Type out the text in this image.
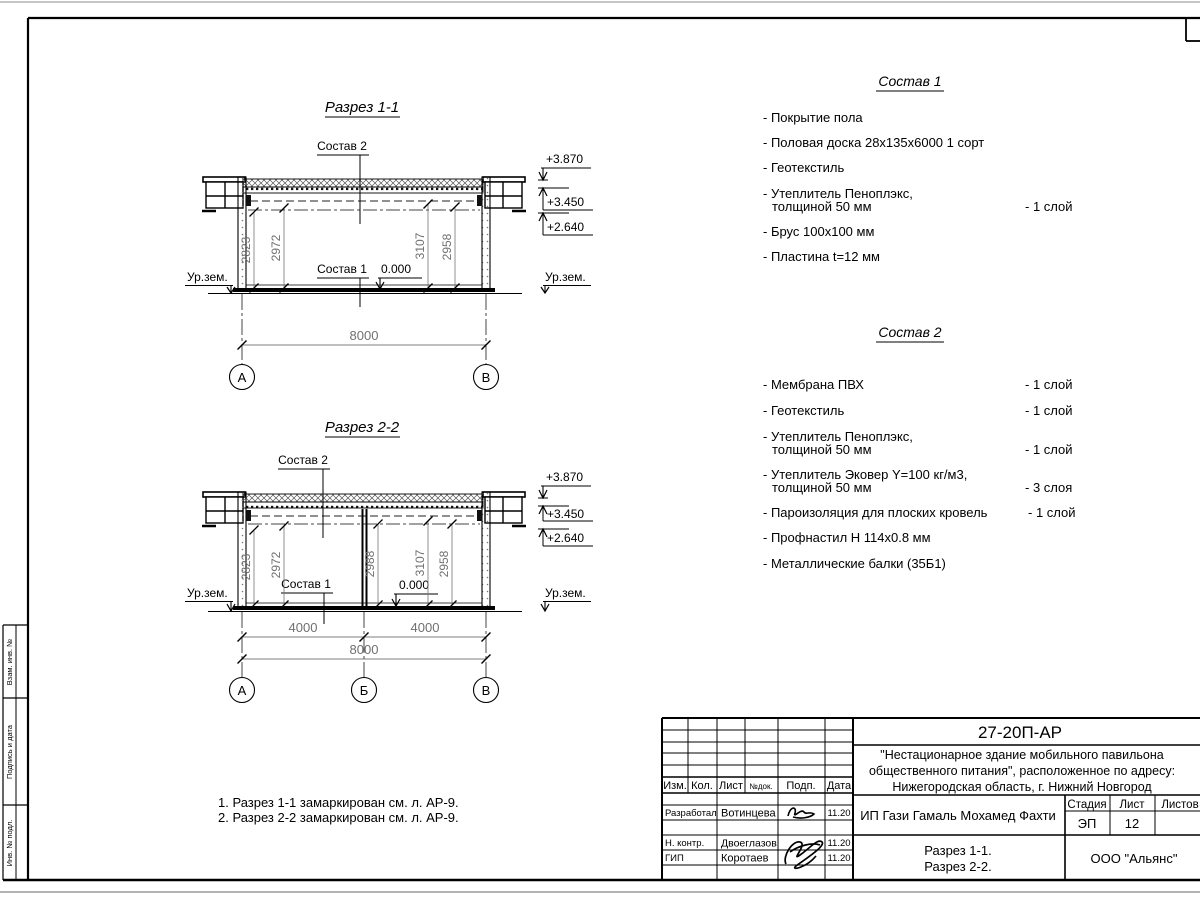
Взам. инв. №
Подпись и дата
Инв. № подл.
Разрез 1-1
Ур.зем.	Ур.зем.
Состав 2
Состав 1 0.000
+3.870
+3.450
+2.640
2823 2972	3107 2958
8000
А	В
Разрез 2-2
Ур.зем.	Ур.зем.
Состав 2
Состав 1	0.000
+3.870
+3.450
+2.640
2823 2972	2988	3107 2958
4000	4000
8000
А	Б	В
Состав 1
- Покрытие пола
- Половая доска 28х135х6000 1 сорт
- Геотекстиль
- Утеплитель Пеноплэкс,
толщиной 50 мм	- 1 слой
- Брус 100х100 мм
- Пластина t=12 мм
Состав 2
- Мембрана ПВХ	- 1 слой
- Геотекстиль	- 1 слой
- Утеплитель Пеноплэкс,
толщиной 50 мм	- 1 слой
- Утеплитель Эковер Y=100 кг/м3,
толщиной 50 мм	- 3 слоя
- Пароизоляция для плоских кровель	- 1 слой
- Профнастил Н 114х0.8 мм
- Металлические балки (35Б1)
1. Разрез 1-1 замаркирован см. л. АР-9.
2. Разрез 2-2 замаркирован см. л. АР-9.
Изм. Кол. Лист №док. Подп. Дата
Разработал Вотинцева	11.20
Н. контр. Двоеглазов	11.20
ГИП	Коротаев	11.20
27-20П-АР
"Нестационарное здание мобильного павильона
общественного питания", расположенное по адресу:
Нижегородская область, г. Нижний Новгород
ИП Гази Гамаль Мохамед Фахти
Стадия Лист Листов
ЭП 12
Разрез 1-1.
Разрез 2-2.
ООО "Альянс"
